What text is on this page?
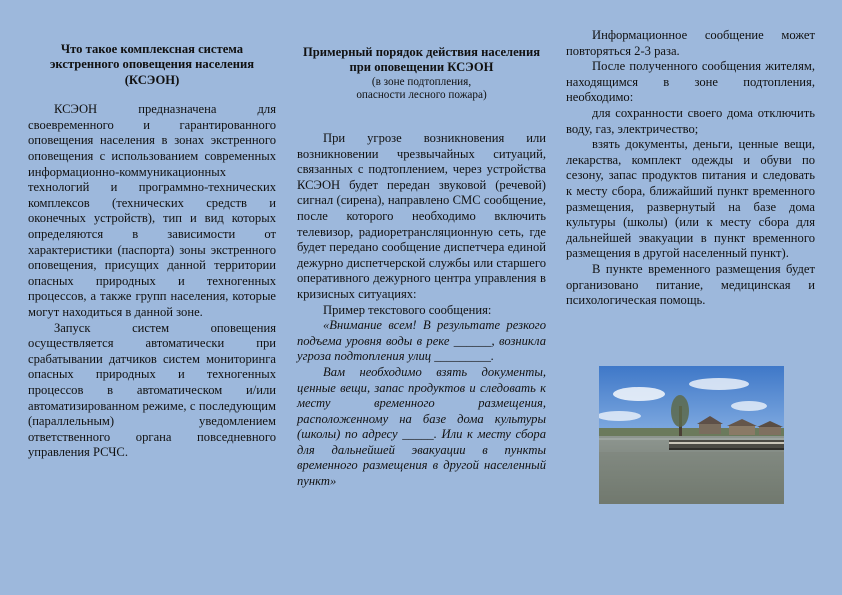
Что такое комплексная система экстренного оповещения населения (КСЭОН)

КСЭОН предназначена для своевременного и гарантированного оповещения населения в зонах экстренного оповещения с использованием современных информационно-коммуникационных технологий и программно-технических комплексов (технических средств и оконечных устройств), тип и вид которых определяются в зависимости от характеристики (паспорта) зоны экстренного оповещения, присущих данной территории опасных природных и техногенных процессов, а также групп населения, которые могут находиться в данной зоне.

Запуск систем оповещения осуществляется автоматически при срабатывании датчиков систем мониторинга опасных природных и техногенных процессов в автоматическом и/или автоматизированном режиме, с последующим (параллельным) уведомлением ответственного органа повседневного управления РСЧС.

Примерный порядок действия населения при оповещении КСЭОН

(в зоне подтопления,

опасности лесного пожара)

При угрозе возникновения или возникновении чрезвычайных ситуаций, связанных с подтоплением, через устройства КСЭОН будет передан звуковой (речевой) сигнал (сирена), направлено СМС сообщение, после которого необходимо включить телевизор, радиоретрансляционную сеть, где будет передано сообщение диспетчера единой дежурно диспетчерской службы или старшего оперативного дежурного центра управления в кризисных ситуациях:

Пример текстового сообщения:

«Внимание всем! В результате резкого подъема уровня воды в реке ______, возникла угроза подтопления улиц _________.

Вам необходимо взять документы, ценные вещи, запас продуктов и следовать к месту временного размещения, расположенному на базе дома культуры (школы) по адресу _____. Или к месту сбора для дальнейшей эвакуации в пункты временного размещения в другой населенный пункт»

Информационное сообщение может повторяться 2-3 раза.

После полученного сообщения жителям, находящимся в зоне подтопления, необходимо:

для сохранности своего дома отключить воду, газ, электричество;

взять документы, деньги, ценные вещи, лекарства, комплект одежды и обуви по сезону, запас продуктов питания и следовать к месту сбора, ближайший пункт временного размещения, развернутый на базе дома культуры (школы) (или к месту сбора для дальнейшей эвакуации в пункт временного размещения в другой населенный пункт).

В пункте временного размещения будет организовано питание, медицинская и психологическая помощь.
